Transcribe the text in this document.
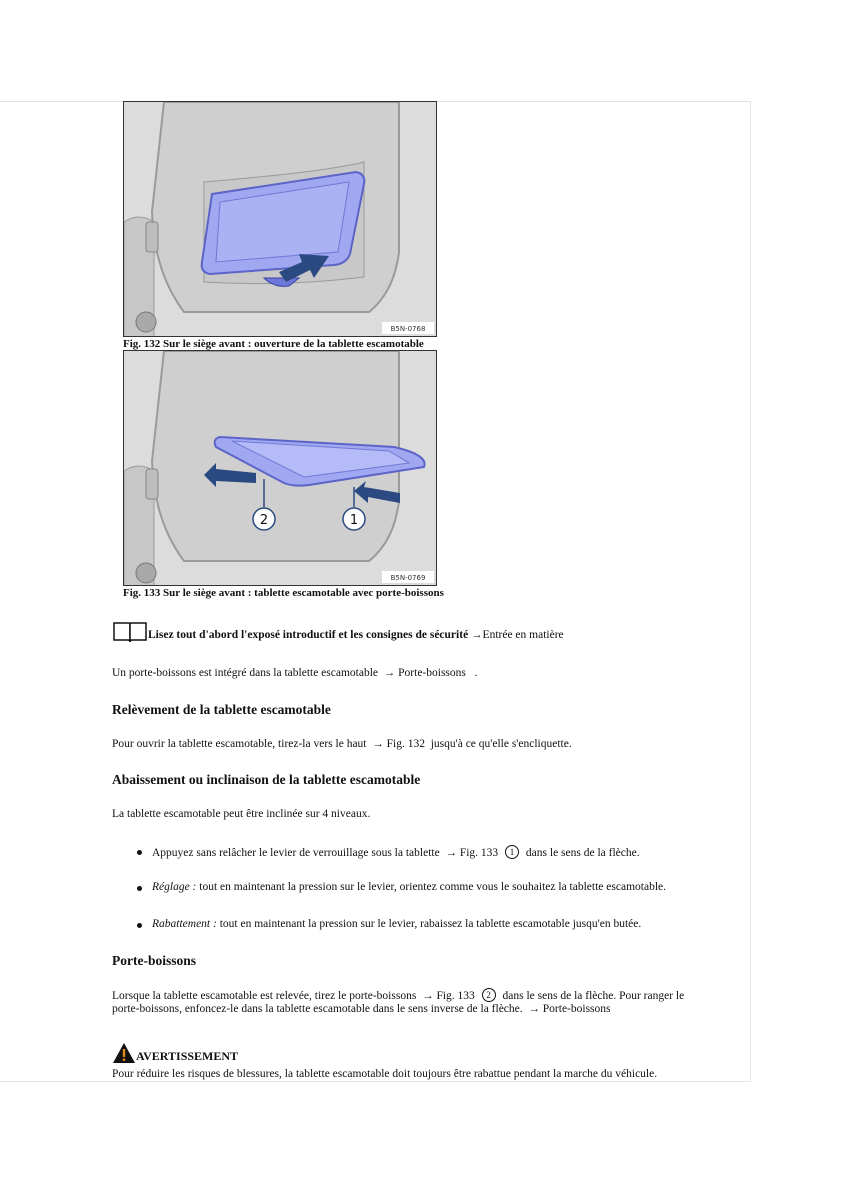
B5N-0768
Fig. 132 Sur le siège avant : ouverture de la tablette escamotable
2	1
B5N-0769
Fig. 133 Sur le siège avant : tablette escamotable avec porte-boissons
Lisez tout d'abord l'exposé introductif et les consignes de sécurité →Entrée en matière
Un porte-boissons est intégré dans la tablette escamotable → Porte-boissons .
Relèvement de la tablette escamotable
Pour ouvrir la tablette escamotable, tirez-la vers le haut → Fig. 132 jusqu'à ce qu'elle s'encliquette.
Abaissement ou inclinaison de la tablette escamotable
La tablette escamotable peut être inclinée sur 4 niveaux.
Appuyez sans relâcher le levier de verrouillage sous la tablette → Fig. 133 1 dans le sens de la flèche.
Réglage : tout en maintenant la pression sur le levier, orientez comme vous le souhaitez la tablette escamotable.
Rabattement : tout en maintenant la pression sur le levier, rabaissez la tablette escamotable jusqu'en butée.
Porte-boissons
Lorsque la tablette escamotable est relevée, tirez le porte-boissons → Fig. 133 2 dans le sens de la flèche. Pour ranger le
porte-boissons, enfoncez-le dans la tablette escamotable dans le sens inverse de la flèche. → Porte-boissons
AVERTISSEMENT
Pour réduire les risques de blessures, la tablette escamotable doit toujours être rabattue pendant la marche du véhicule.
